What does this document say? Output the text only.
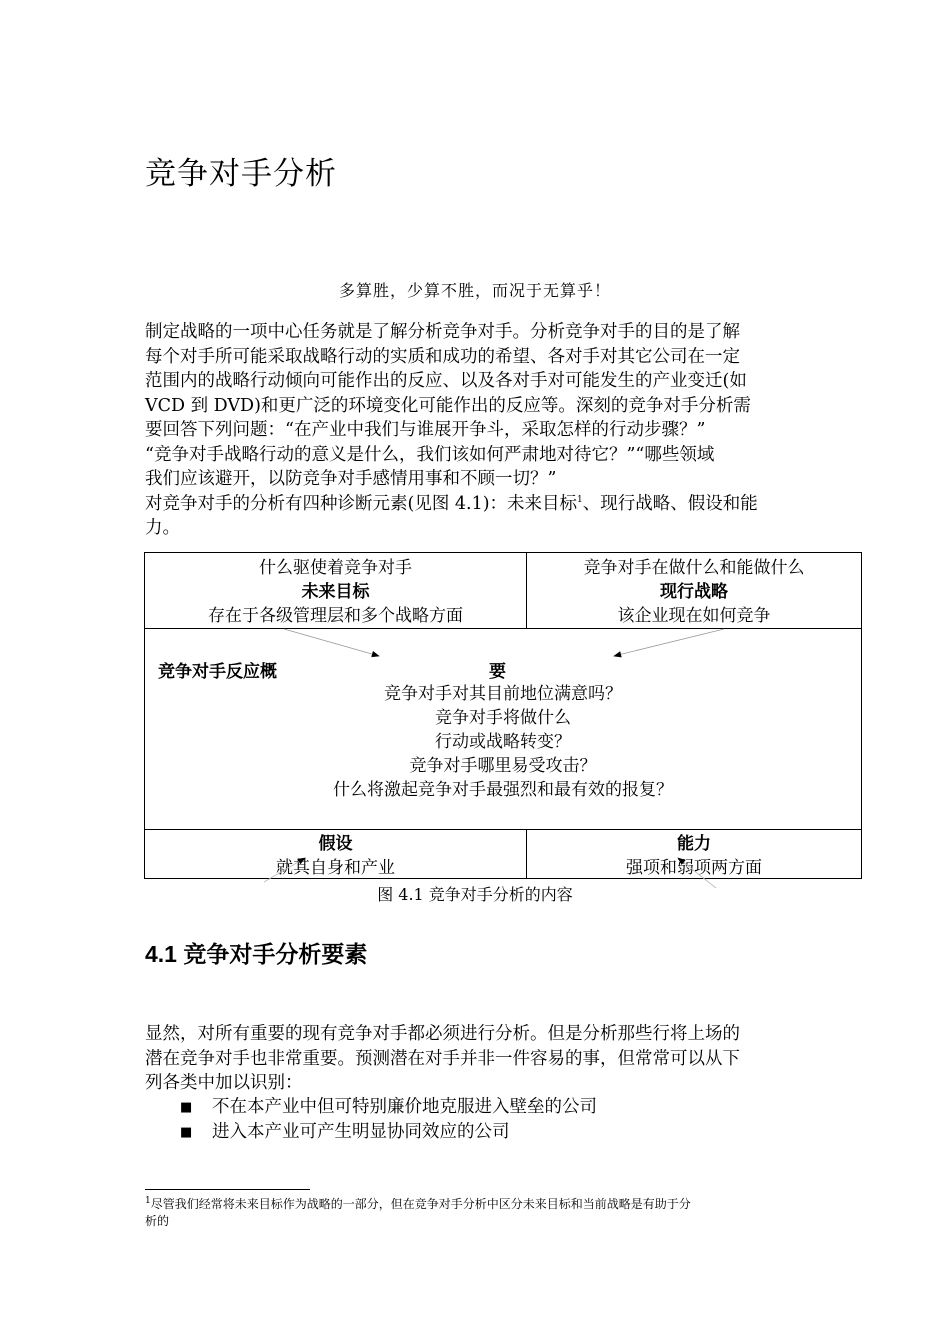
竞争对手分析
多算胜，少算不胜，而况于无算乎！

制定战略的一项中心任务就是了解分析竞争对手。分析竞争对手的目的是了解

每个对手所可能采取战略行动的实质和成功的希望、各对手对其它公司在一定

范围内的战略行动倾向可能作出的反应、以及各对手对可能发生的产业变迁(如

VCD 到 DVD)和更广泛的环境变化可能作出的反应等。深刻的竞争对手分析需

要回答下列问题：“在产业中我们与谁展开争斗，采取怎样的行动步骤？”

“竞争对手战略行动的意义是什么，我们该如何严肃地对待它？”“哪些领域

我们应该避开，以防竞争对手感情用事和不顾一切？”

对竞争对手的分析有四种诊断元素(见图 4.1)：未来目标$^1$、现行战略、假设和能

力。

什么驱使着竞争对手
未来目标
存在于各级管理层和多个战略方面
竞争对手在做什么和能做什么
现行战略
该企业现在如何竞争
竞争对手反应概	要
竞争对手对其目前地位满意吗？
竞争对手将做什么
行动或战略转变？
竞争对手哪里易受攻击？
什么将激起竞争对手最强烈和最有效的报复？
假设
就其自身和产业
能力
强项和弱项两方面
图 4.1 竞争对手分析的内容
4.1 竞争对手分析要素

显然，对所有重要的现有竞争对手都必须进行分析。但是分析那些行将上场的

潜在竞争对手也非常重要。预测潜在对手并非一件容易的事，但常常可以从下

列各类中加以识别：

■	不在本产业中但可特别廉价地克服进入壁垒的公司
■	进入本产业可产生明显协同效应的公司
$^1$尽管我们经常将未来目标作为战略的一部分，但在竞争对手分析中区分未来目标和当前战略是有助于分
析的
